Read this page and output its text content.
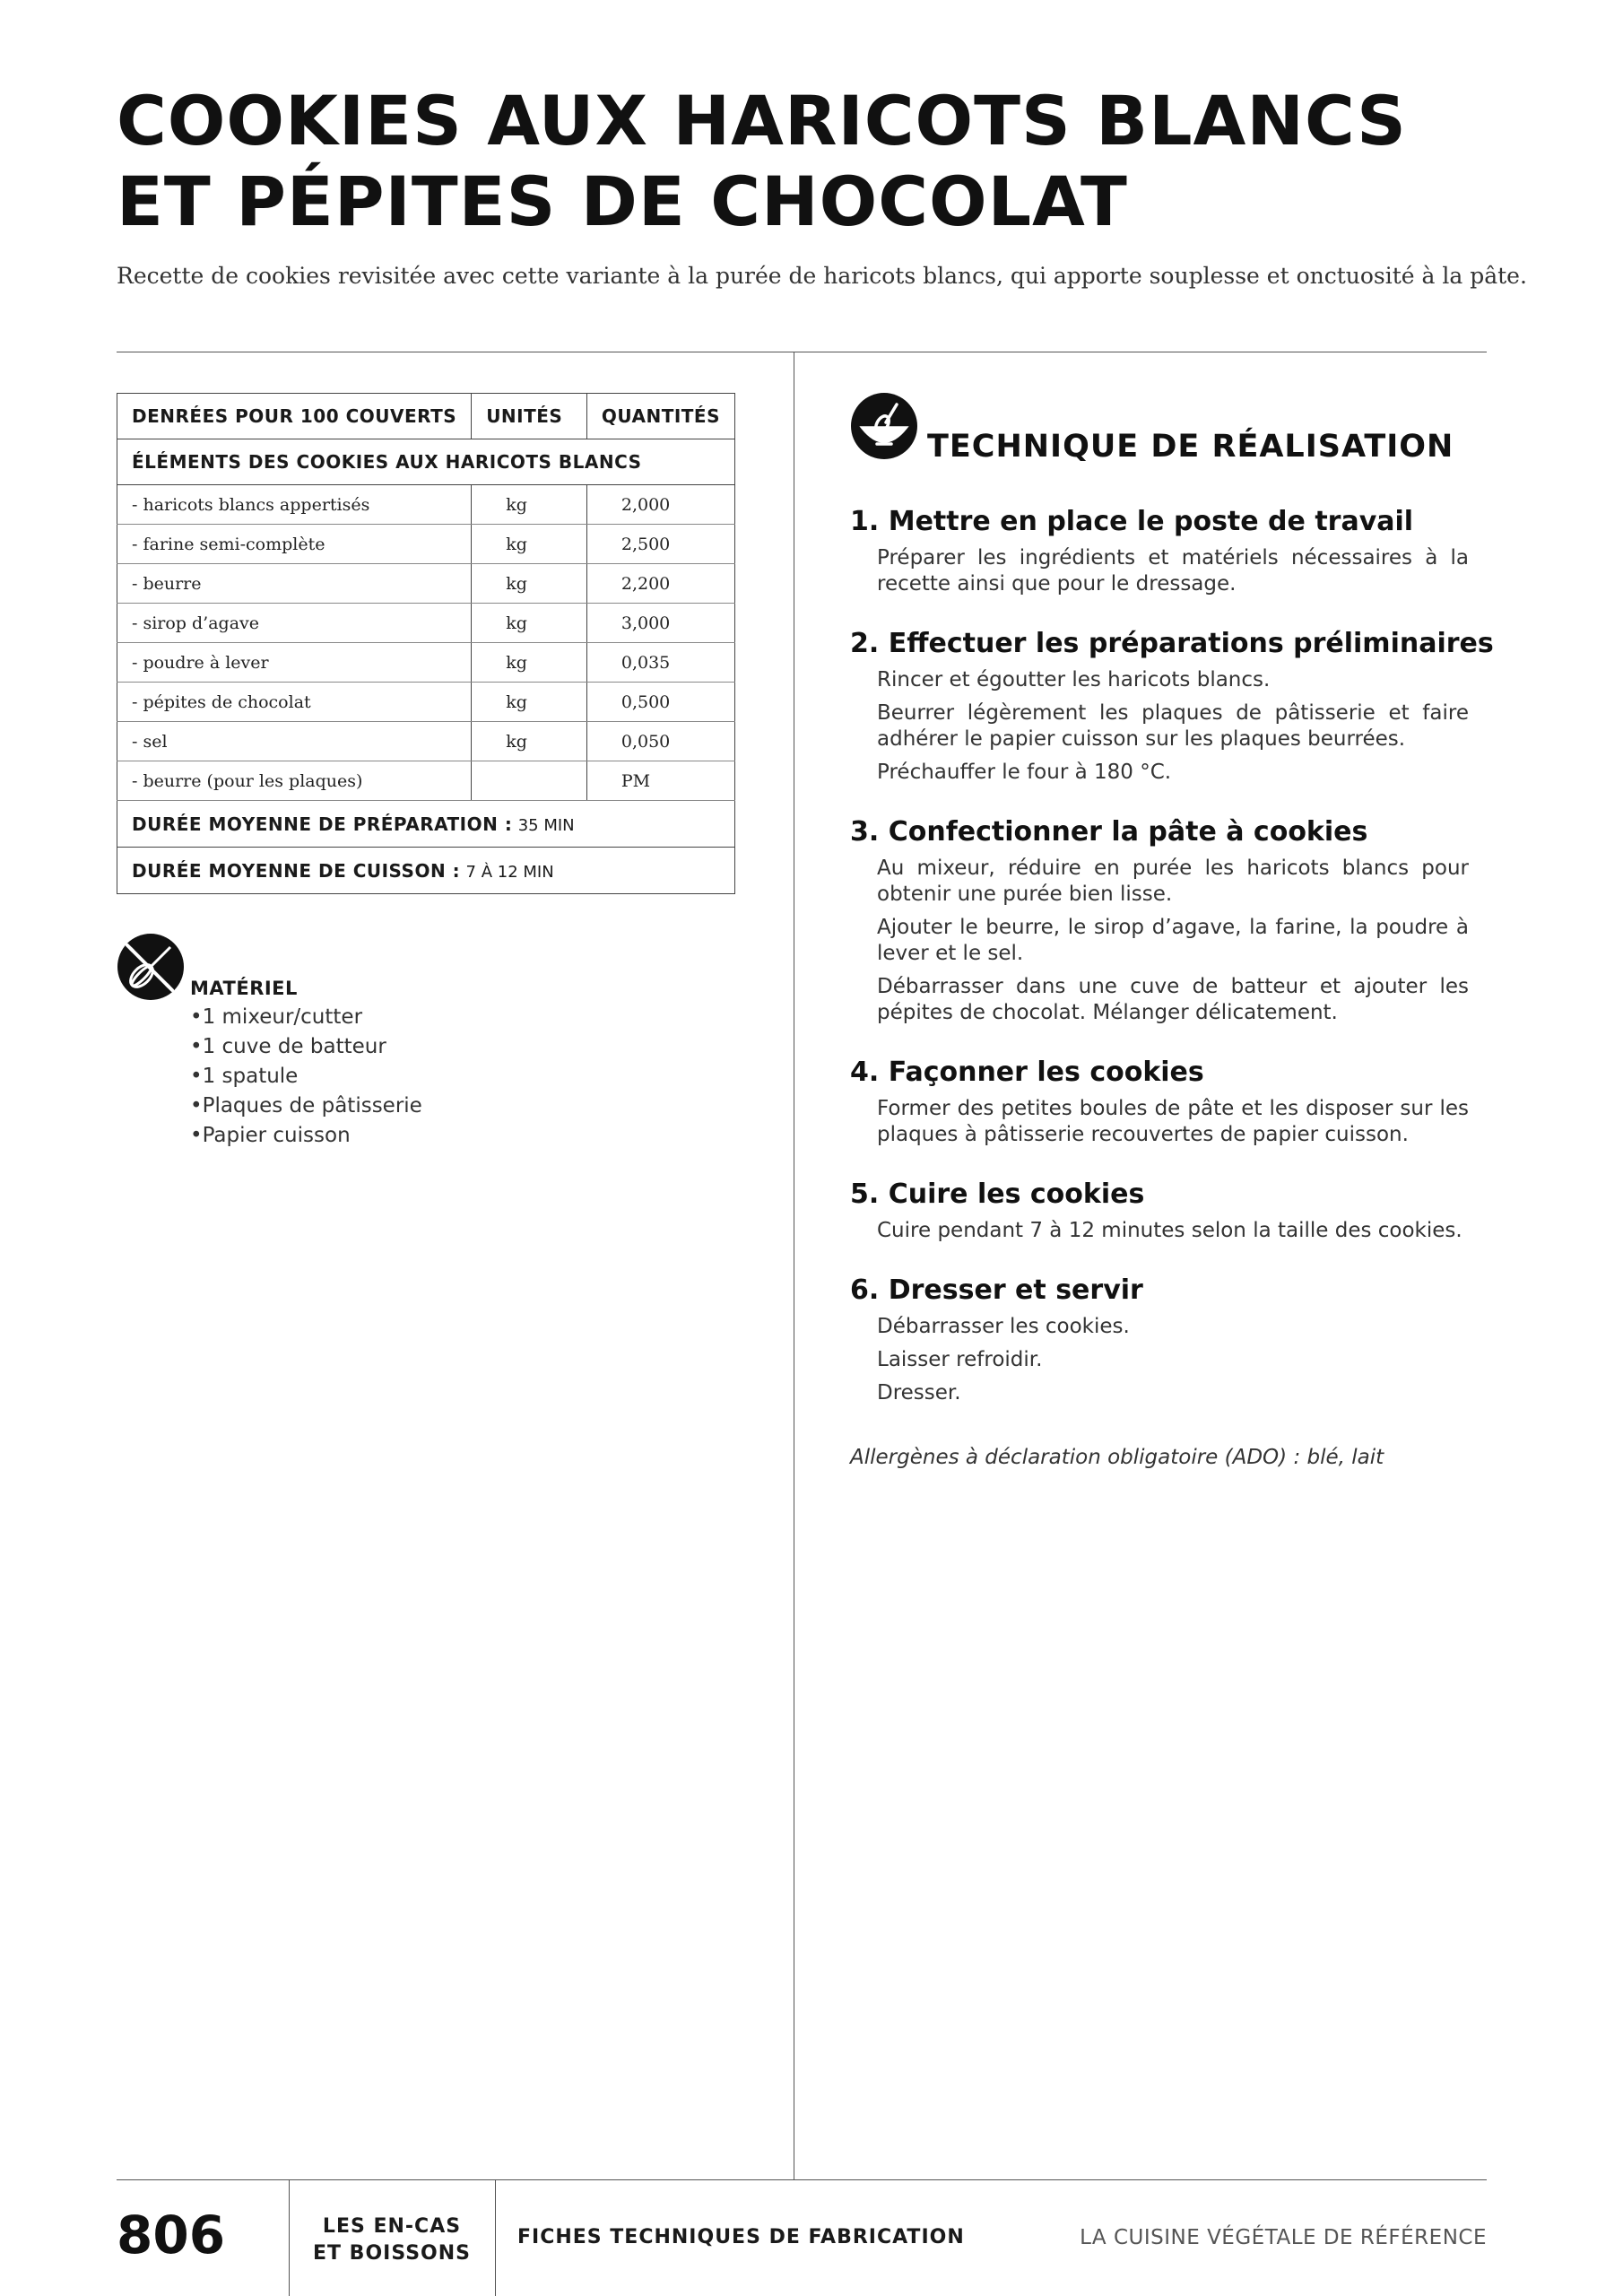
COOKIES AUX HARICOTS BLANCS
ET PÉPITES DE CHOCOLAT
Recette de cookies revisitée avec cette variante à la purée de haricots blancs, qui apporte souplesse et onctuosité à la pâte.
DENRÉES POUR 100 COUVERTS	UNITÉS	QUANTITÉS
ÉLÉMENTS DES COOKIES AUX HARICOTS BLANCS		
- haricots blancs appertisés	kg	2,000
- farine semi-complète	kg	2,500
- beurre	kg	2,200
- sirop d’agave	kg	3,000
- poudre à lever	kg	0,035
- pépites de chocolat	kg	0,500
- sel	kg	0,050
- beurre (pour les plaques)		PM
DURÉE MOYENNE DE PRÉPARATION : 35 MIN		
DURÉE MOYENNE DE CUISSON : 7 À 12 MIN		
MATÉRIEL
• 1 mixeur/cutter
• 1 cuve de batteur
• 1 spatule
• Plaques de pâtisserie
• Papier cuisson
TECHNIQUE DE RÉALISATION
1. Mettre en place le poste de travail

Préparer les ingrédients et matériels nécessaires à la recette ainsi que pour le dressage.

2. Effectuer les préparations préliminaires

Rincer et égoutter les haricots blancs.

Beurrer légèrement les plaques de pâtisserie et faire adhérer le papier cuisson sur les plaques beurrées.

Préchauffer le four à 180 °C.

3. Confectionner la pâte à cookies

Au mixeur, réduire en purée les haricots blancs pour obtenir une purée bien lisse.

Ajouter le beurre, le sirop d’agave, la farine, la poudre à lever et le sel.

Débarrasser dans une cuve de batteur et ajouter les pépites de chocolat. Mélanger délicatement.

4. Façonner les cookies

Former des petites boules de pâte et les disposer sur les plaques à pâtisserie recouvertes de papier cuisson.

5. Cuire les cookies

Cuire pendant 7 à 12 minutes selon la taille des cookies.

6. Dresser et servir

Débarrasser les cookies.

Laisser refroidir.

Dresser.

Allergènes à déclaration obligatoire (ADO) : blé, lait
806	LES EN-CAS
ET BOISSONS
FICHES TECHNIQUES DE FABRICATION	LA CUISINE VÉGÉTALE DE RÉFÉRENCE
